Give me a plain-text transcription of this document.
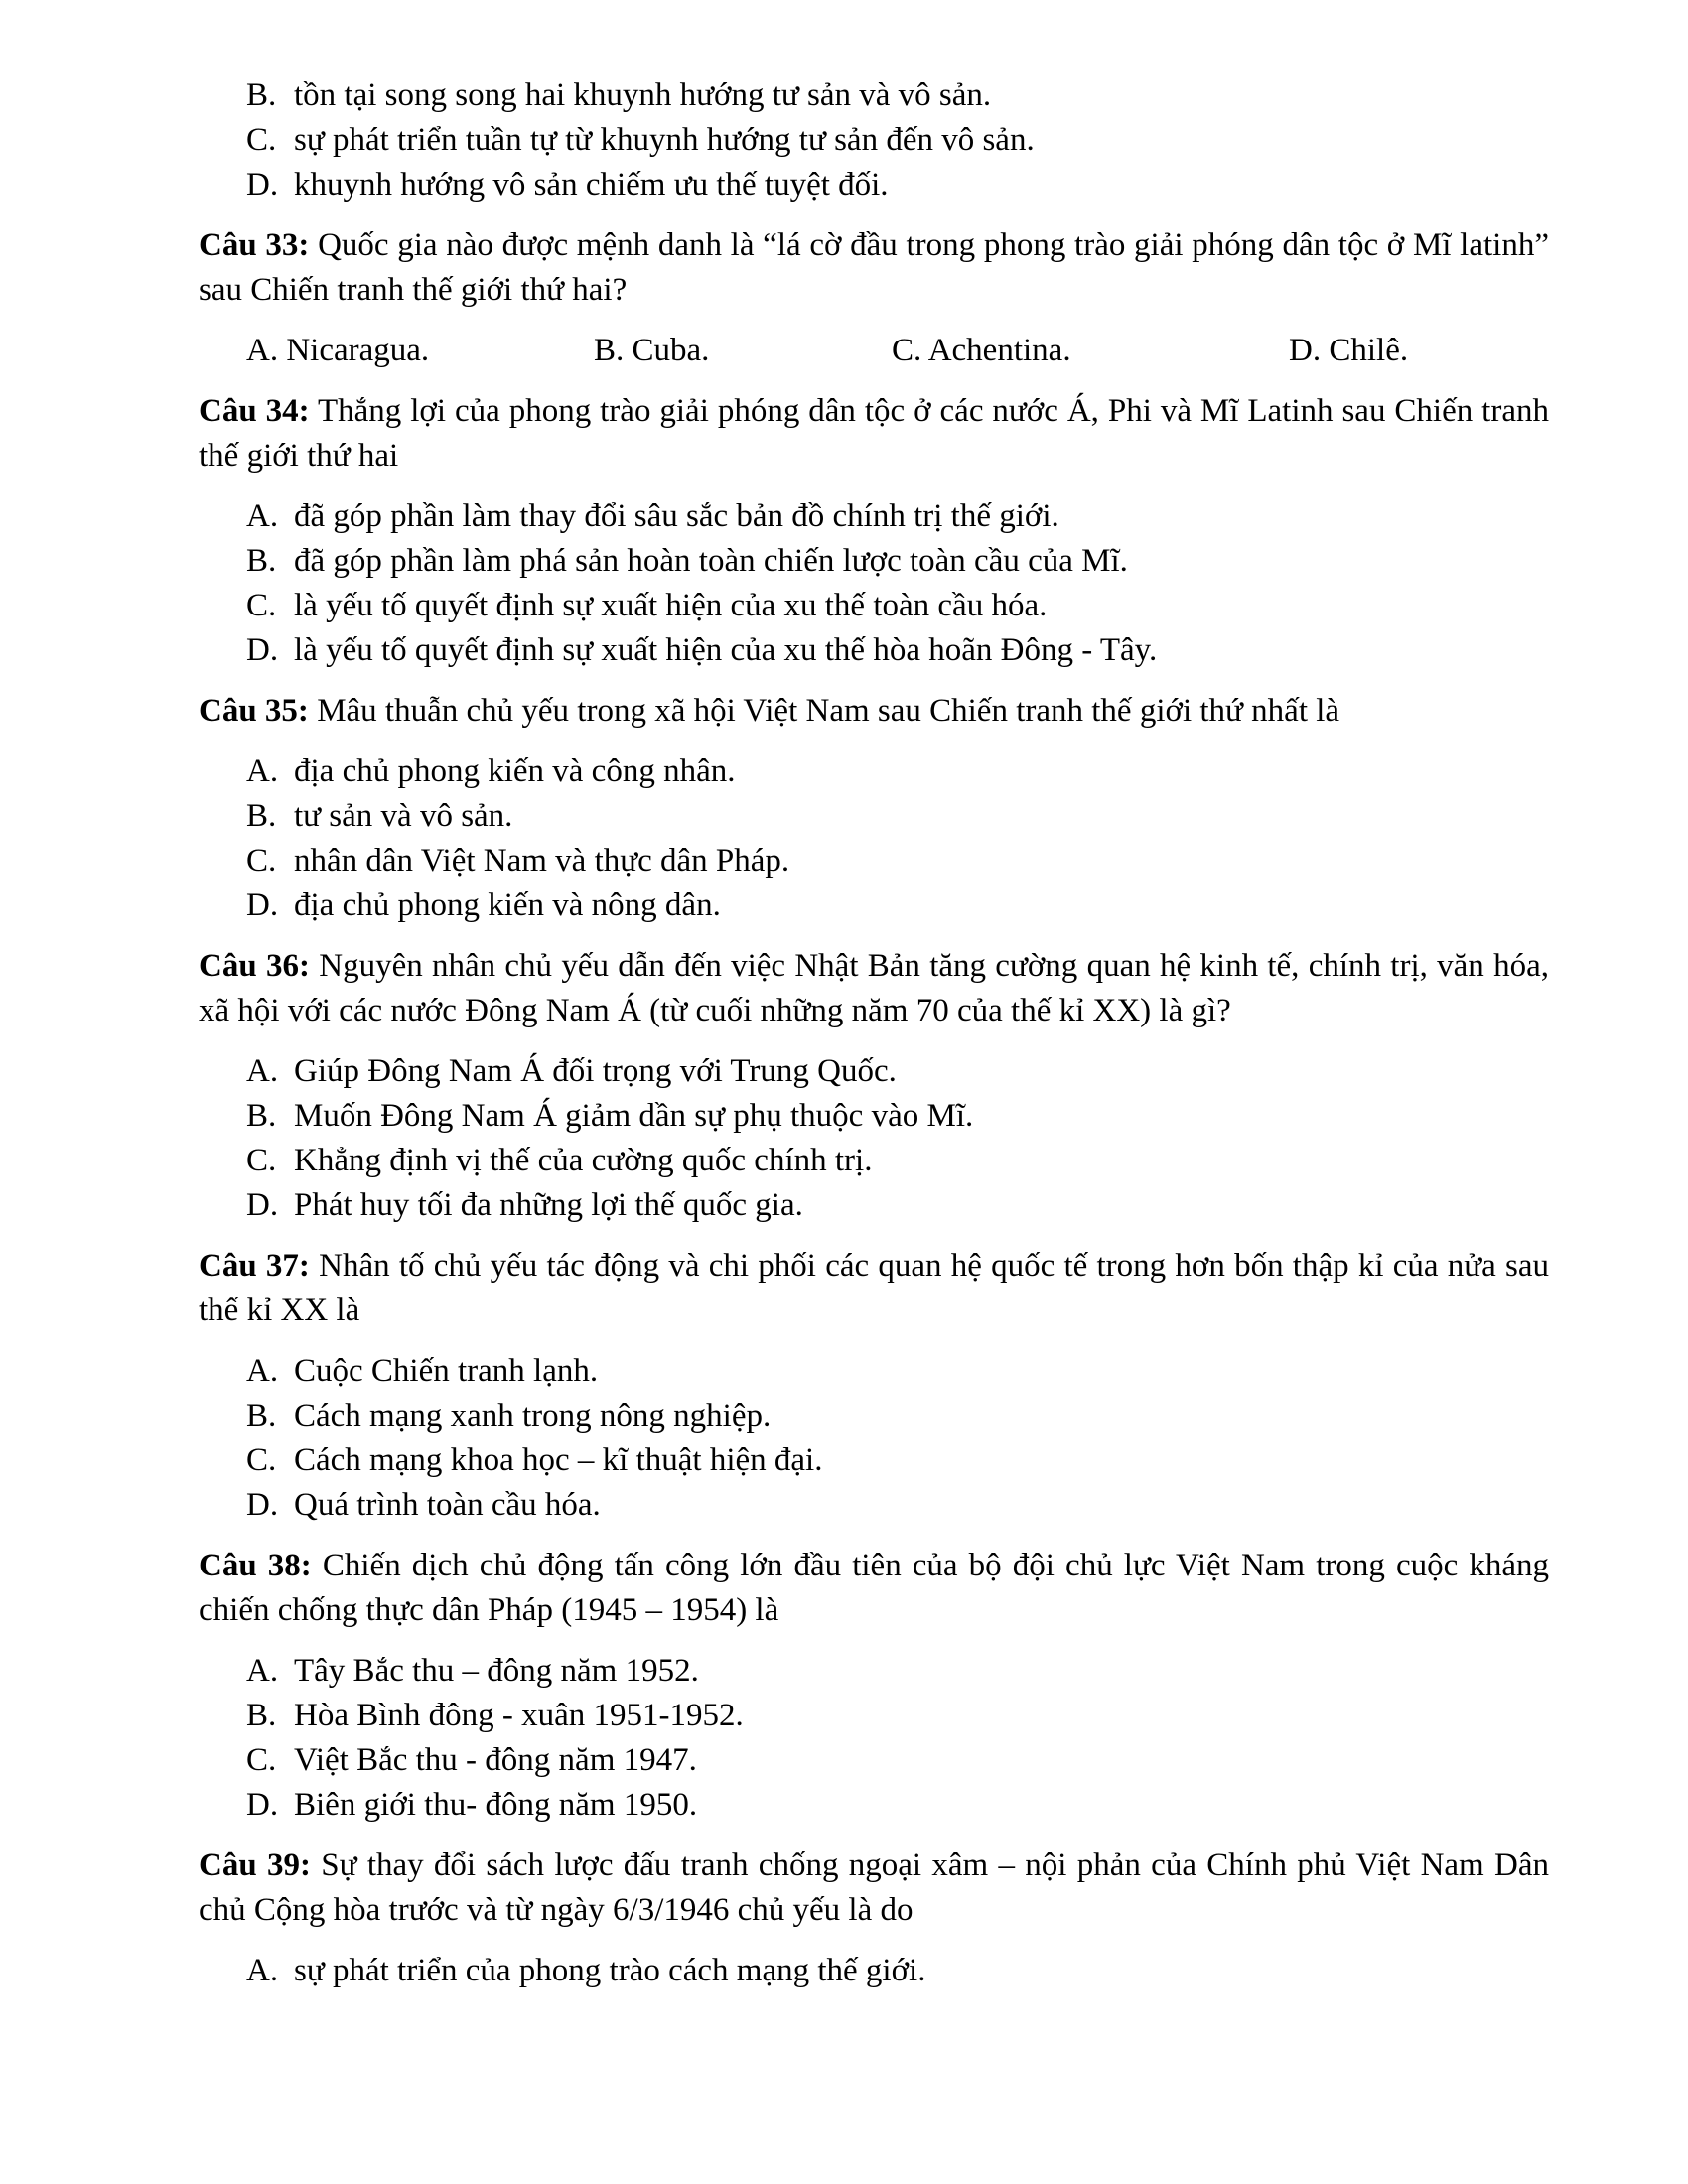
B. tồn tại song song hai khuynh hướng tư sản và vô sản.
C. sự phát triển tuần tự từ khuynh hướng tư sản đến vô sản.
D. khuynh hướng vô sản chiếm ưu thế tuyệt đối.
Câu 33: Quốc gia nào được mệnh danh là “lá cờ đầu trong phong trào giải phóng dân tộc ở Mĩ latinh” sau Chiến tranh thế giới thứ hai?
A. Nicaragua.	B. Cuba.	C. Achentina.	D. Chilê.
Câu 34: Thắng lợi của phong trào giải phóng dân tộc ở các nước Á, Phi và Mĩ Latinh sau Chiến tranh thế giới thứ hai
A. đã góp phần làm thay đổi sâu sắc bản đồ chính trị thế giới.
B. đã góp phần làm phá sản hoàn toàn chiến lược toàn cầu của Mĩ.
C. là yếu tố quyết định sự xuất hiện của xu thế toàn cầu hóa.
D. là yếu tố quyết định sự xuất hiện của xu thế hòa hoãn Đông - Tây.
Câu 35: Mâu thuẫn chủ yếu trong xã hội Việt Nam sau Chiến tranh thế giới thứ nhất là
A. địa chủ phong kiến và công nhân.
B. tư sản và vô sản.
C. nhân dân Việt Nam và thực dân Pháp.
D. địa chủ phong kiến và nông dân.
Câu 36: Nguyên nhân chủ yếu dẫn đến việc Nhật Bản tăng cường quan hệ kinh tế, chính trị, văn hóa, xã hội với các nước Đông Nam Á (từ cuối những năm 70 của thế kỉ XX) là gì?
A. Giúp Đông Nam Á đối trọng với Trung Quốc.
B. Muốn Đông Nam Á giảm dần sự phụ thuộc vào Mĩ.
C. Khẳng định vị thế của cường quốc chính trị.
D. Phát huy tối đa những lợi thế quốc gia.
Câu 37: Nhân tố chủ yếu tác động và chi phối các quan hệ quốc tế trong hơn bốn thập kỉ của nửa sau thế kỉ XX là
A. Cuộc Chiến tranh lạnh.
B. Cách mạng xanh trong nông nghiệp.
C. Cách mạng khoa học – kĩ thuật hiện đại.
D. Quá trình toàn cầu hóa.
Câu 38: Chiến dịch chủ động tấn công lớn đầu tiên của bộ đội chủ lực Việt Nam trong cuộc kháng chiến chống thực dân Pháp (1945 – 1954) là
A. Tây Bắc thu – đông năm 1952.
B. Hòa Bình đông - xuân 1951-1952.
C. Việt Bắc thu - đông năm 1947.
D. Biên giới thu- đông năm 1950.
Câu 39: Sự thay đổi sách lược đấu tranh chống ngoại xâm – nội phản của Chính phủ Việt Nam Dân chủ Cộng hòa trước và từ ngày 6/3/1946 chủ yếu là do
A. sự phát triển của phong trào cách mạng thế giới.
